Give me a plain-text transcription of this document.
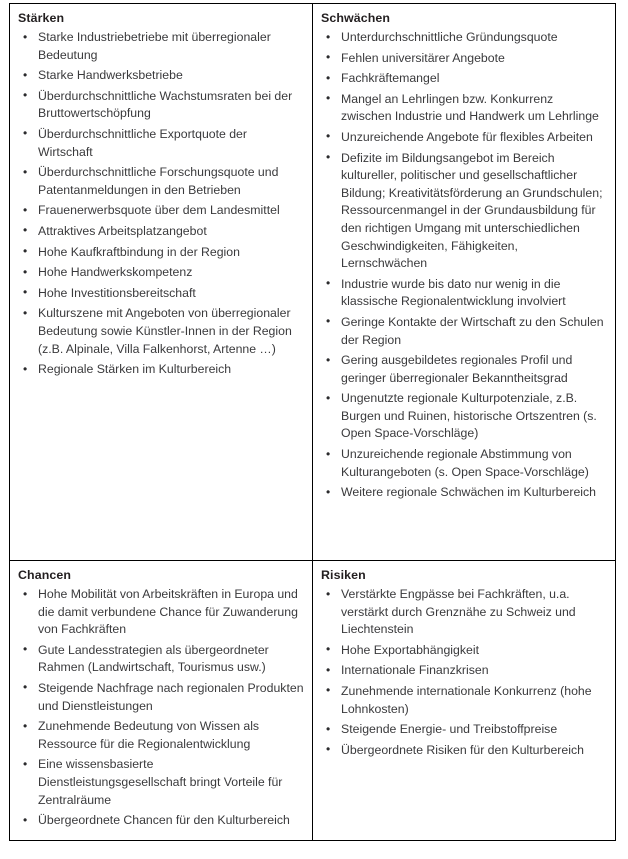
Stärken
• Starke Industriebetriebe mit überregionaler Bedeutung
• Starke Handwerksbetriebe
• Überdurchschnittliche Wachstumsraten bei der Bruttowertschöpfung
• Überdurchschnittliche Exportquote der Wirtschaft
• Überdurchschnittliche Forschungsquote und Patentanmeldungen in den Betrieben
• Frauenerwerbsquote über dem Landesmittel
• Attraktives Arbeitsplatzangebot
• Hohe Kaufkraftbindung in der Region
• Hohe Handwerkskompetenz
• Hohe Investitionsbereitschaft
• Kulturszene mit Angeboten von überregionaler Bedeutung sowie Künstler-Innen in der Region (z.B. Alpinale, Villa Falkenhorst, Artenne …)
• Regionale Stärken im Kulturbereich

Schwächen
• Unterdurchschnittliche Gründungsquote
• Fehlen universitärer Angebote
• Fachkräftemangel
• Mangel an Lehrlingen bzw. Konkurrenz zwischen Industrie und Handwerk um Lehrlinge
• Unzureichende Angebote für flexibles Arbeiten
• Defizite im Bildungsangebot im Bereich kultureller, politischer und gesellschaftlicher Bildung; Kreativitätsförderung an Grundschulen; Ressourcenmangel in der Grundausbildung für den richtigen Umgang mit unterschiedlichen Geschwindigkeiten, Fähigkeiten, Lernschwächen
• Industrie wurde bis dato nur wenig in die klassische Regionalentwicklung involviert
• Geringe Kontakte der Wirtschaft zu den Schulen der Region
• Gering ausgebildetes regionales Profil und geringer überregionaler Bekanntheitsgrad
• Ungenutzte regionale Kulturpotenziale, z.B. Burgen und Ruinen, historische Ortszentren (s. Open Space-Vorschläge)
• Unzureichende regionale Abstimmung von Kulturangeboten (s. Open Space-Vorschläge)
• Weitere regionale Schwächen im Kulturbereich

Chancen
• Hohe Mobilität von Arbeitskräften in Europa und die damit verbundene Chance für Zuwanderung von Fachkräften
• Gute Landesstrategien als übergeordneter Rahmen (Landwirtschaft, Tourismus usw.)
• Steigende Nachfrage nach regionalen Produkten und Dienstleistungen
• Zunehmende Bedeutung von Wissen als Ressource für die Regionalentwicklung
• Eine wissensbasierte Dienstleistungsgesellschaft bringt Vorteile für Zentralräume
• Übergeordnete Chancen für den Kulturbereich

Risiken
• Verstärkte Engpässe bei Fachkräften, u.a. verstärkt durch Grenznähe zu Schweiz und Liechtenstein
• Hohe Exportabhängigkeit
• Internationale Finanzkrisen
• Zunehmende internationale Konkurrenz (hohe Lohnkosten)
• Steigende Energie- und Treibstoffpreise
• Übergeordnete Risiken für den Kulturbereich
